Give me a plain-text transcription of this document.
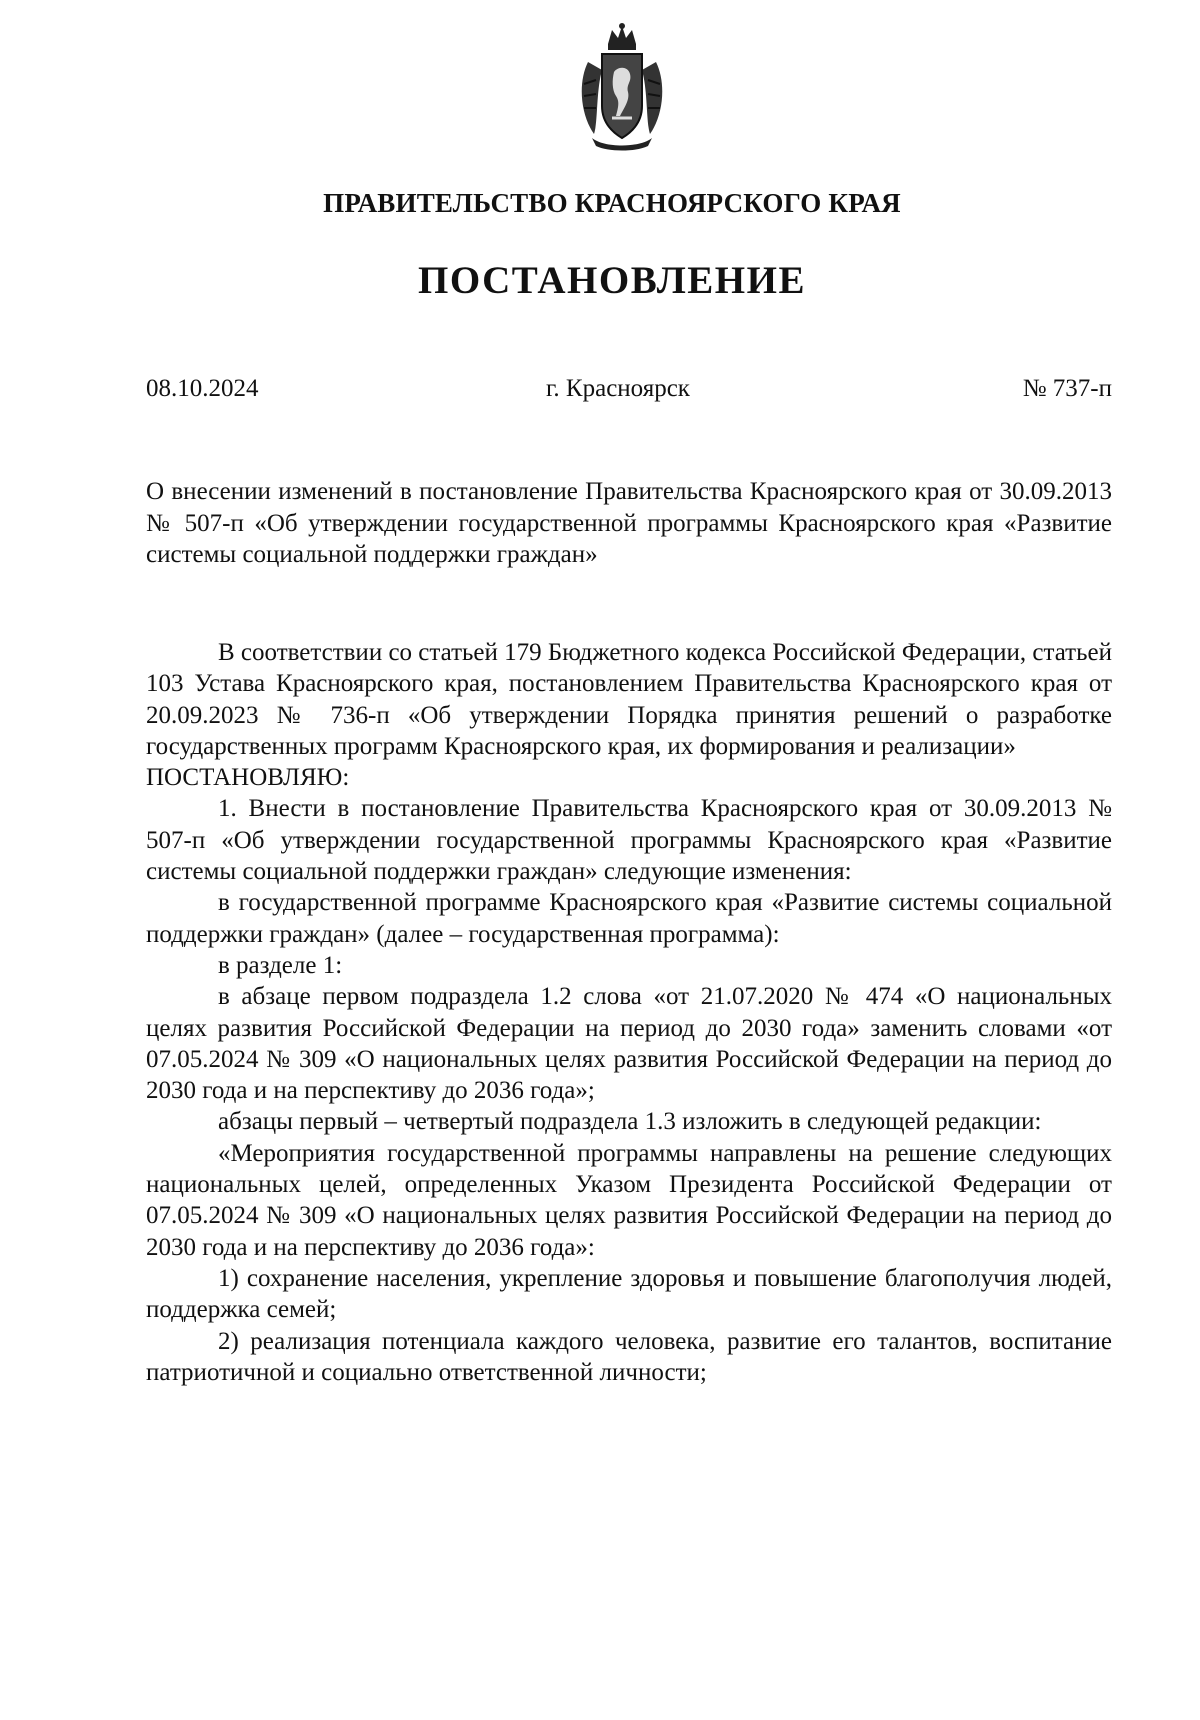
ПРАВИТЕЛЬСТВО КРАСНОЯРСКОГО КРАЯ
ПОСТАНОВЛЕНИЕ
08.10.2024	г. Красноярск	№ 737-п
О внесении изменений в постановление Правительства Красноярского края от 30.09.2013 № 507-п «Об утверждении государственной программы Красноярского края «Развитие системы социальной поддержки граждан»

В соответствии со статьей 179 Бюджетного кодекса Российской Федерации, статьей 103 Устава Красноярского края, постановлением Правительства Красноярского края от 20.09.2023 № 736-п «Об утверждении Порядка принятия решений о разработке государственных программ Красноярского края, их формирования и реализации»

ПОСТАНОВЛЯЮ:

1. Внести в постановление Правительства Красноярского края от 30.09.2013 № 507-п «Об утверждении государственной программы Красноярского края «Развитие системы социальной поддержки граждан» следующие изменения:

в государственной программе Красноярского края «Развитие системы социальной поддержки граждан» (далее – государственная программа):

в разделе 1:

в абзаце первом подраздела 1.2 слова «от 21.07.2020 № 474 «О национальных целях развития Российской Федерации на период до 2030 года» заменить словами «от 07.05.2024 № 309 «О национальных целях развития Российской Федерации на период до 2030 года и на перспективу до 2036 года»;

абзацы первый – четвертый подраздела 1.3 изложить в следующей редакции:

«Мероприятия государственной программы направлены на решение следующих национальных целей, определенных Указом Президента Российской Федерации от 07.05.2024 № 309 «О национальных целях развития Российской Федерации на период до 2030 года и на перспективу до 2036 года»:

1) сохранение населения, укрепление здоровья и повышение благополучия людей, поддержка семей;

2) реализация потенциала каждого человека, развитие его талантов, воспитание патриотичной и социально ответственной личности;
